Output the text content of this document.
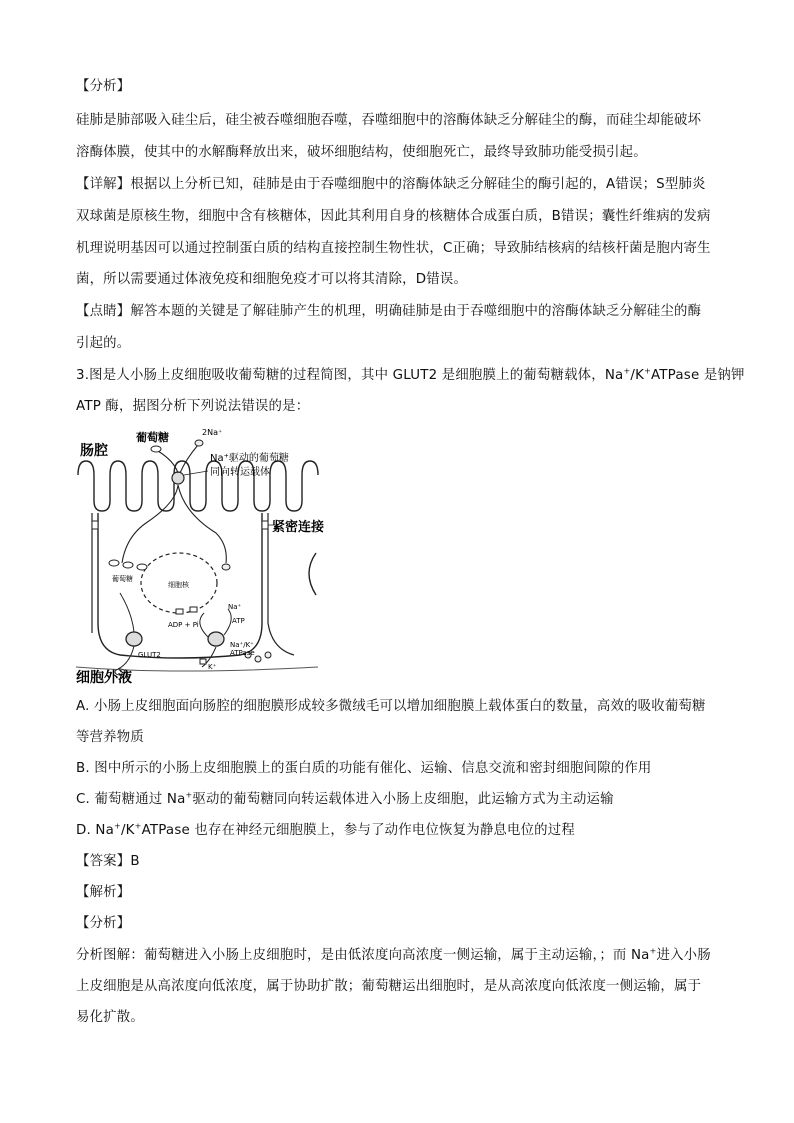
【分析】
硅肺是肺部吸入硅尘后，硅尘被吞噬细胞吞噬，吞噬细胞中的溶酶体缺乏分解硅尘的酶，而硅尘却能破坏
溶酶体膜，使其中的水解酶释放出来，破坏细胞结构，使细胞死亡，最终导致肺功能受损引起。
【详解】根据以上分析已知，硅肺是由于吞噬细胞中的溶酶体缺乏分解硅尘的酶引起的，A错误；S型肺炎
双球菌是原核生物，细胞中含有核糖体，因此其利用自身的核糖体合成蛋白质，B错误；囊性纤维病的发病
机理说明基因可以通过控制蛋白质的结构直接控制生物性状，C正确；导致肺结核病的结核杆菌是胞内寄生
菌，所以需要通过体液免疫和细胞免疫才可以将其清除，D错误。
【点睛】解答本题的关键是了解硅肺产生的机理，明确硅肺是由于吞噬细胞中的溶酶体缺乏分解硅尘的酶
引起的。
3.图是人小肠上皮细胞吸收葡萄糖的过程简图，其中 GLUT2 是细胞膜上的葡萄糖载体，Na+/K+ATPase 是钠钾
ATP 酶，据图分析下列说法错误的是：
肠腔
葡萄糖	2Na⁺
Na⁺驱动的葡萄糖
同向转运载体
紧密连接
葡萄糖
细胞核
Na⁺
ADP + Pi	ATP
GLUT2
K⁺
Na⁺/K⁺
ATPase
细胞外液
A. 小肠上皮细胞面向肠腔的细胞膜形成较多微绒毛可以增加细胞膜上载体蛋白的数量，高效的吸收葡萄糖
等营养物质
B. 图中所示的小肠上皮细胞膜上的蛋白质的功能有催化、运输、信息交流和密封细胞间隙的作用
C. 葡萄糖通过 Na+驱动的葡萄糖同向转运载体进入小肠上皮细胞，此运输方式为主动运输
D. Na+/K+ATPase 也存在神经元细胞膜上，参与了动作电位恢复为静息电位的过程
【答案】B
【解析】
【分析】
分析图解：葡萄糖进入小肠上皮细胞时，是由低浓度向高浓度一侧运输，属于主动运输，；而 Na+进入小肠
上皮细胞是从高浓度向低浓度，属于协助扩散；葡萄糖运出细胞时，是从高浓度向低浓度一侧运输，属于
易化扩散。
